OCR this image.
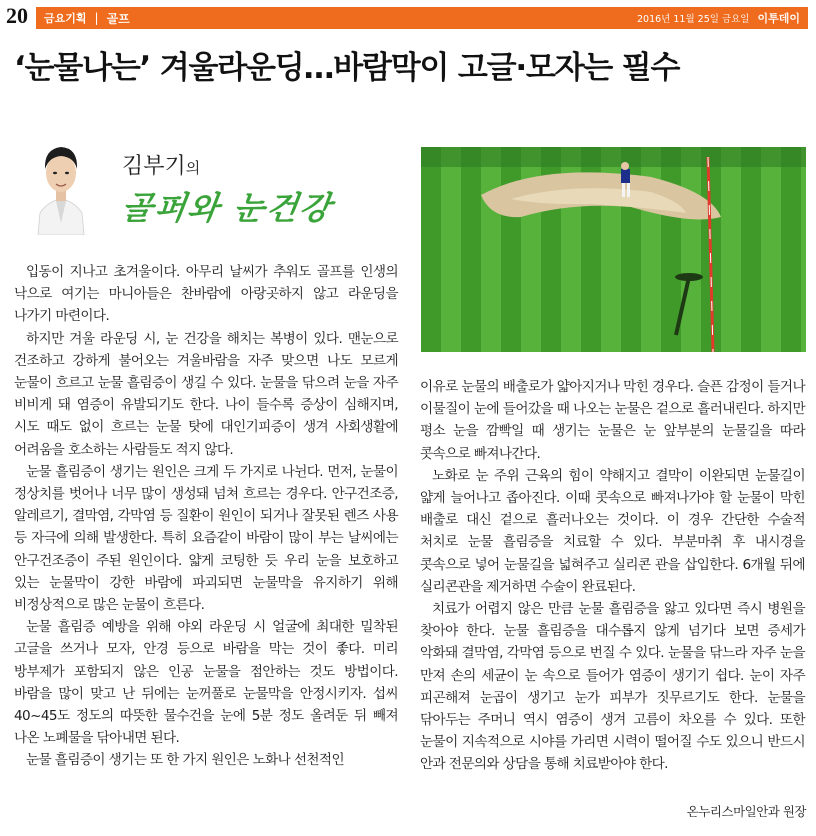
20	금요기획 | 골프	2016년 11월 25일 금요일 이투데이
‘눈물나는’ 겨울라운딩…바람막이 고글·모자는 필수
김부기의
골퍼와 눈건강

입동이 지나고 초겨울이다. 아무리 날씨가 추워도 골프를 인생의 낙으로 여기는 마니아들은 찬바람에 아랑곳하지 않고 라운딩을 나가기 마련이다.

하지만 겨울 라운딩 시, 눈 건강을 해치는 복병이 있다. 맨눈으로 건조하고 강하게 불어오는 겨울바람을 자주 맞으면 나도 모르게 눈물이 흐르고 눈물 흘림증이 생길 수 있다. 눈물을 닦으려 눈을 자주 비비게 돼 염증이 유발되기도 한다. 나이 들수록 증상이 심해지며, 시도 때도 없이 흐르는 눈물 탓에 대인기피증이 생겨 사회생활에 어려움을 호소하는 사람들도 적지 않다.

눈물 흘림증이 생기는 원인은 크게 두 가지로 나뉜다. 먼저, 눈물이 정상치를 벗어나 너무 많이 생성돼 넘쳐 흐르는 경우다. 안구건조증, 알레르기, 결막염, 각막염 등 질환이 원인이 되거나 잘못된 렌즈 사용 등 자극에 의해 발생한다. 특히 요즘같이 바람이 많이 부는 날씨에는 안구건조증이 주된 원인이다. 얇게 코팅한 듯 우리 눈을 보호하고 있는 눈물막이 강한 바람에 파괴되면 눈물막을 유지하기 위해 비정상적으로 많은 눈물이 흐른다.

눈물 흘림증 예방을 위해 야외 라운딩 시 얼굴에 최대한 밀착된 고글을 쓰거나 모자, 안경 등으로 바람을 막는 것이 좋다. 미리 방부제가 포함되지 않은 인공 눈물을 점안하는 것도 방법이다. 바람을 많이 맞고 난 뒤에는 눈꺼풀로 눈물막을 안정시키자. 섭씨 40~45도 정도의 따뜻한 물수건을 눈에 5분 정도 올려둔 뒤 빼져 나온 노폐물을 닦아내면 된다.

눈물 흘림증이 생기는 또 한 가지 원인은 노화나 선천적인

이유로 눈물의 배출로가 얇아지거나 막힌 경우다. 슬픈 감정이 들거나 이물질이 눈에 들어갔을 때 나오는 눈물은 겉으로 흘러내린다. 하지만 평소 눈을 깜빡일 때 생기는 눈물은 눈 앞부분의 눈물길을 따라 콧속으로 빠져나간다.

노화로 눈 주위 근육의 힘이 약해지고 결막이 이완되면 눈물길이 얇게 늘어나고 좁아진다. 이때 콧속으로 빠져나가야 할 눈물이 막힌 배출로 대신 겉으로 흘러나오는 것이다. 이 경우 간단한 수술적 처치로 눈물 흘림증을 치료할 수 있다. 부분마취 후 내시경을 콧속으로 넣어 눈물길을 넓혀주고 실리콘 관을 삽입한다. 6개월 뒤에 실리콘관을 제거하면 수술이 완료된다.

치료가 어렵지 않은 만큼 눈물 흘림증을 앓고 있다면 즉시 병원을 찾아야 한다. 눈물 흘림증을 대수롭지 않게 넘기다 보면 증세가 악화돼 결막염, 각막염 등으로 번질 수 있다. 눈물을 닦느라 자주 눈을 만져 손의 세균이 눈 속으로 들어가 염증이 생기기 쉽다. 눈이 자주 피곤해져 눈곱이 생기고 눈가 피부가 짓무르기도 한다. 눈물을 닦아두는 주머니 역시 염증이 생겨 고름이 차오를 수 있다. 또한 눈물이 지속적으로 시야를 가리면 시력이 떨어질 수도 있으니 반드시 안과 전문의와 상담을 통해 치료받아야 한다.

온누리스마일안과 원장
